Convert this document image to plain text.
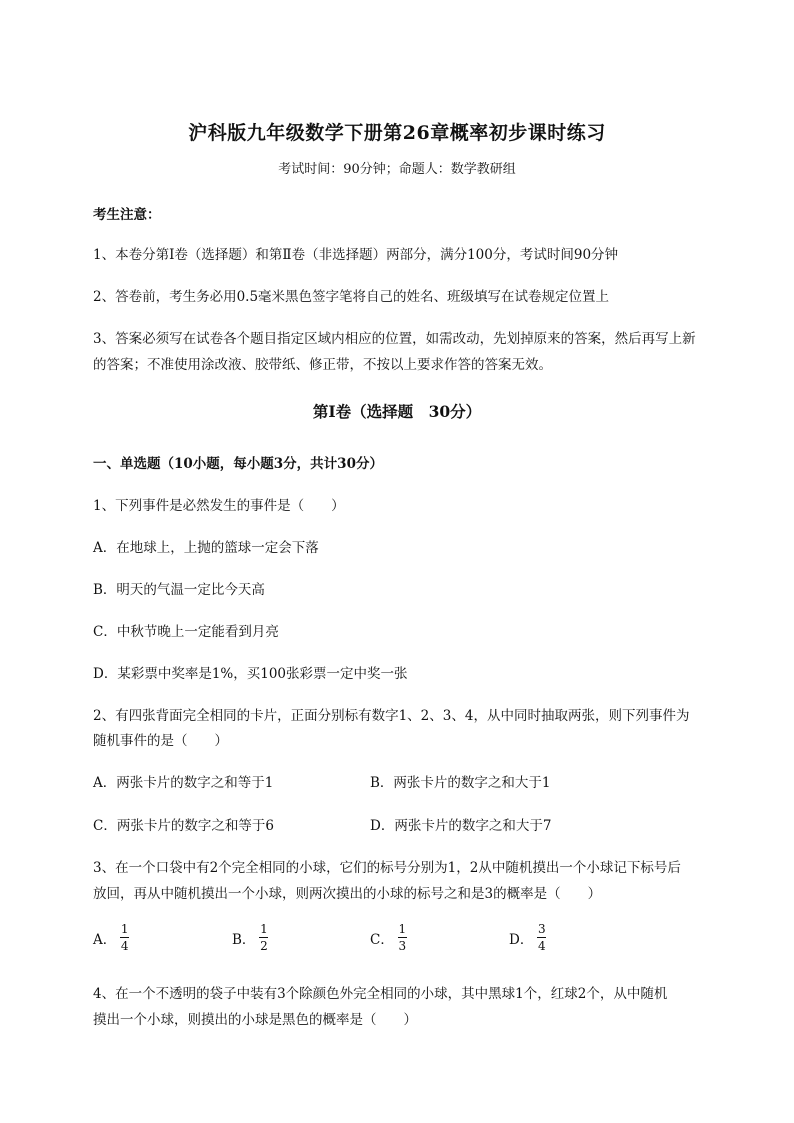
沪科版九年级数学下册第26章概率初步课时练习
考试时间：90分钟；命题人：数学教研组
考生注意：
1、本卷分第I卷（选择题）和第Ⅱ卷（非选择题）两部分，满分100分，考试时间90分钟
2、答卷前，考生务必用0.5毫米黑色签字笔将自己的姓名、班级填写在试卷规定位置上
3、答案必须写在试卷各个题目指定区域内相应的位置，如需改动，先划掉原来的答案，然后再写上新
的答案；不准使用涂改液、胶带纸、修正带，不按以上要求作答的答案无效。
第I卷（选择题　30分）
一、单选题（10小题，每小题3分，共计30分）
1、下列事件是必然发生的事件是（　　）
A．在地球上，上抛的篮球一定会下落
B．明天的气温一定比今天高
C．中秋节晚上一定能看到月亮
D．某彩票中奖率是1%，买100张彩票一定中奖一张
2、有四张背面完全相同的卡片，正面分别标有数字1、2、3、4，从中同时抽取两张，则下列事件为
随机事件的是（　　）
A．两张卡片的数字之和等于1	B．两张卡片的数字之和大于1
C．两张卡片的数字之和等于6	D．两张卡片的数字之和大于7
3、在一个口袋中有2个完全相同的小球，它们的标号分别为1，2从中随机摸出一个小球记下标号后
放回，再从中随机摸出一个小球，则两次摸出的小球的标号之和是3的概率是（　　）
A． $\frac{1}{4}$	B． $\frac{1}{2}$	C． $\frac{1}{3}$	D． $\frac{3}{4}$
4、在一个不透明的袋子中装有3个除颜色外完全相同的小球，其中黑球1个，红球2个，从中随机
摸出一个小球，则摸出的小球是黑色的概率是（　　）
